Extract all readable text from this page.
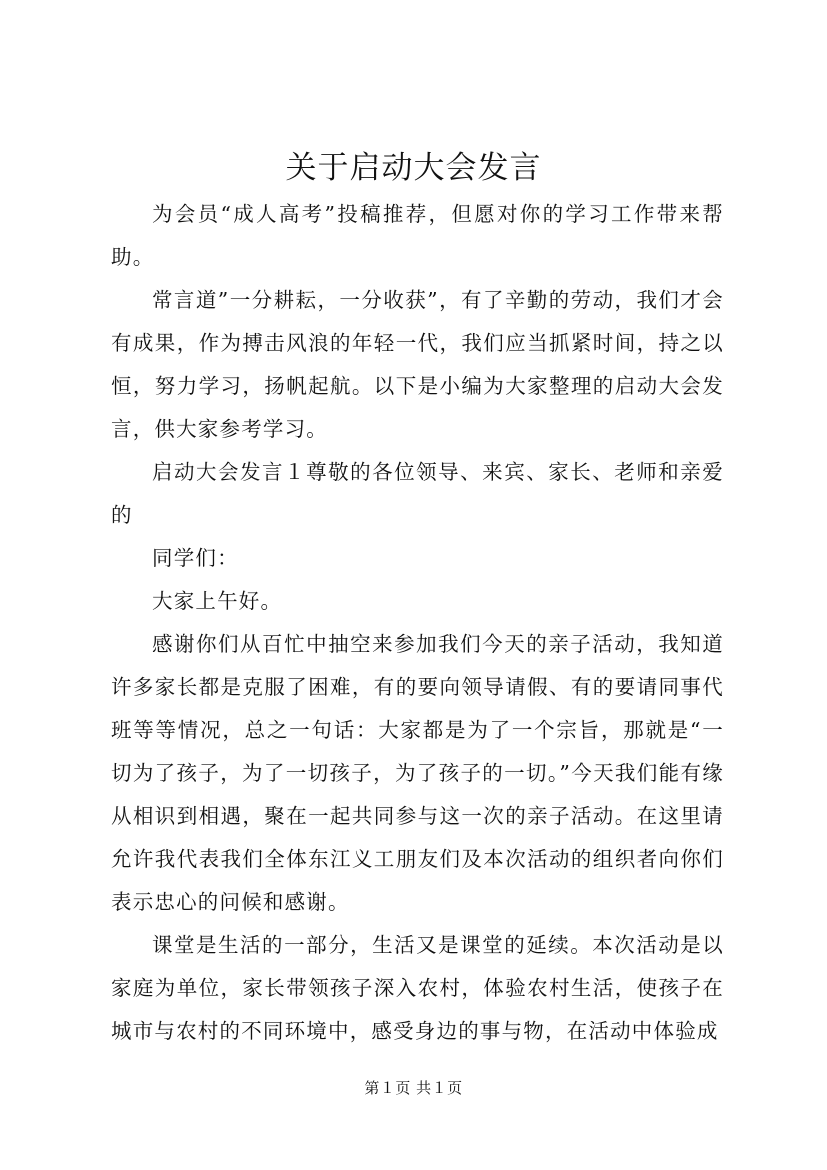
关于启动大会发言

为会员“成人高考”投稿推荐，但愿对你的学习工作带来帮助。

常言道”一分耕耘，一分收获”，有了辛勤的劳动，我们才会有成果，作为搏击风浪的年轻一代，我们应当抓紧时间，持之以恒，努力学习，扬帆起航。以下是小编为大家整理的启动大会发言，供大家参考学习。

启动大会发言１尊敬的各位领导、来宾、家长、老师和亲爱的

同学们：

大家上午好。

感谢你们从百忙中抽空来参加我们今天的亲子活动，我知道许多家长都是克服了困难，有的要向领导请假、有的要请同事代班等等情况，总之一句话：大家都是为了一个宗旨，那就是“一切为了孩子，为了一切孩子，为了孩子的一切。”今天我们能有缘从相识到相遇，聚在一起共同参与这一次的亲子活动。在这里请允许我代表我们全体东江义工朋友们及本次活动的组织者向你们表示忠心的问候和感谢。

课堂是生活的一部分，生活又是课堂的延续。本次活动是以家庭为单位，家长带领孩子深入农村，体验农村生活，使孩子在城市与农村的不同环境中，感受身边的事与物，在活动中体验成

第１页 共１页
